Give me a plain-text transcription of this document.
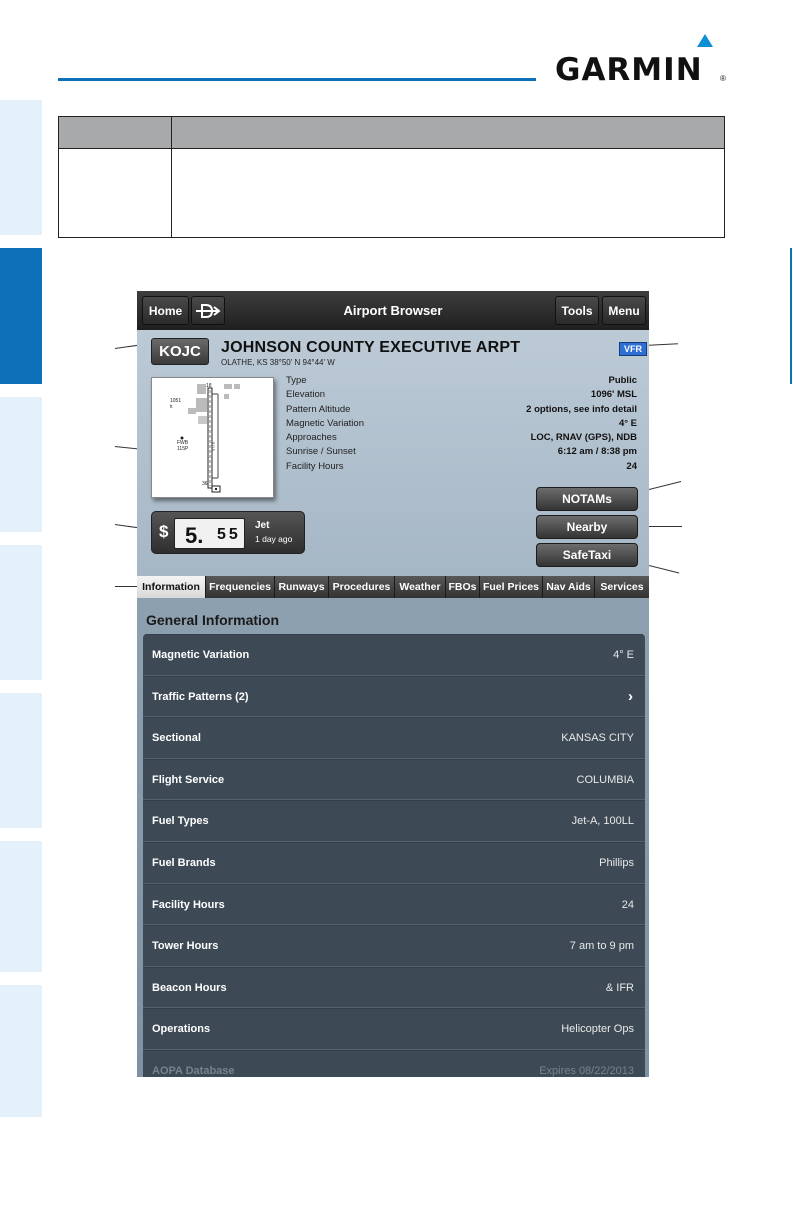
GARMIN ®
Home	Airport Browser	Tools	Menu
KOJC	JOHNSON COUNTY EXECUTIVE ARPT
OLATHE, KS 38°50' N 94°44' W
VFR
18
36
1051
ft
5 0 5
FWB
115P
Type	Public
Elevation	1096' MSL
Pattern Altitude	2 options, see info detail
Magnetic Variation	4° E
Approaches	LOC, RNAV (GPS), NDB
Sunrise / Sunset	6:12 am / 8:38 pm
Facility Hours	24
$ 5. 55
Jet
1 day ago
NOTAMs
Nearby
SafeTaxi
Information Frequencies Runways Procedures Weather FBOs Fuel Prices Nav Aids Services
General Information
Magnetic Variation	4° E
Traffic Patterns (2)	›
Sectional	KANSAS CITY
Flight Service	COLUMBIA
Fuel Types	Jet-A, 100LL
Fuel Brands	Phillips
Facility Hours	24
Tower Hours	7 am to 9 pm
Beacon Hours	& IFR
Operations	Helicopter Ops
AOPA Database	Expires 08/22/2013
